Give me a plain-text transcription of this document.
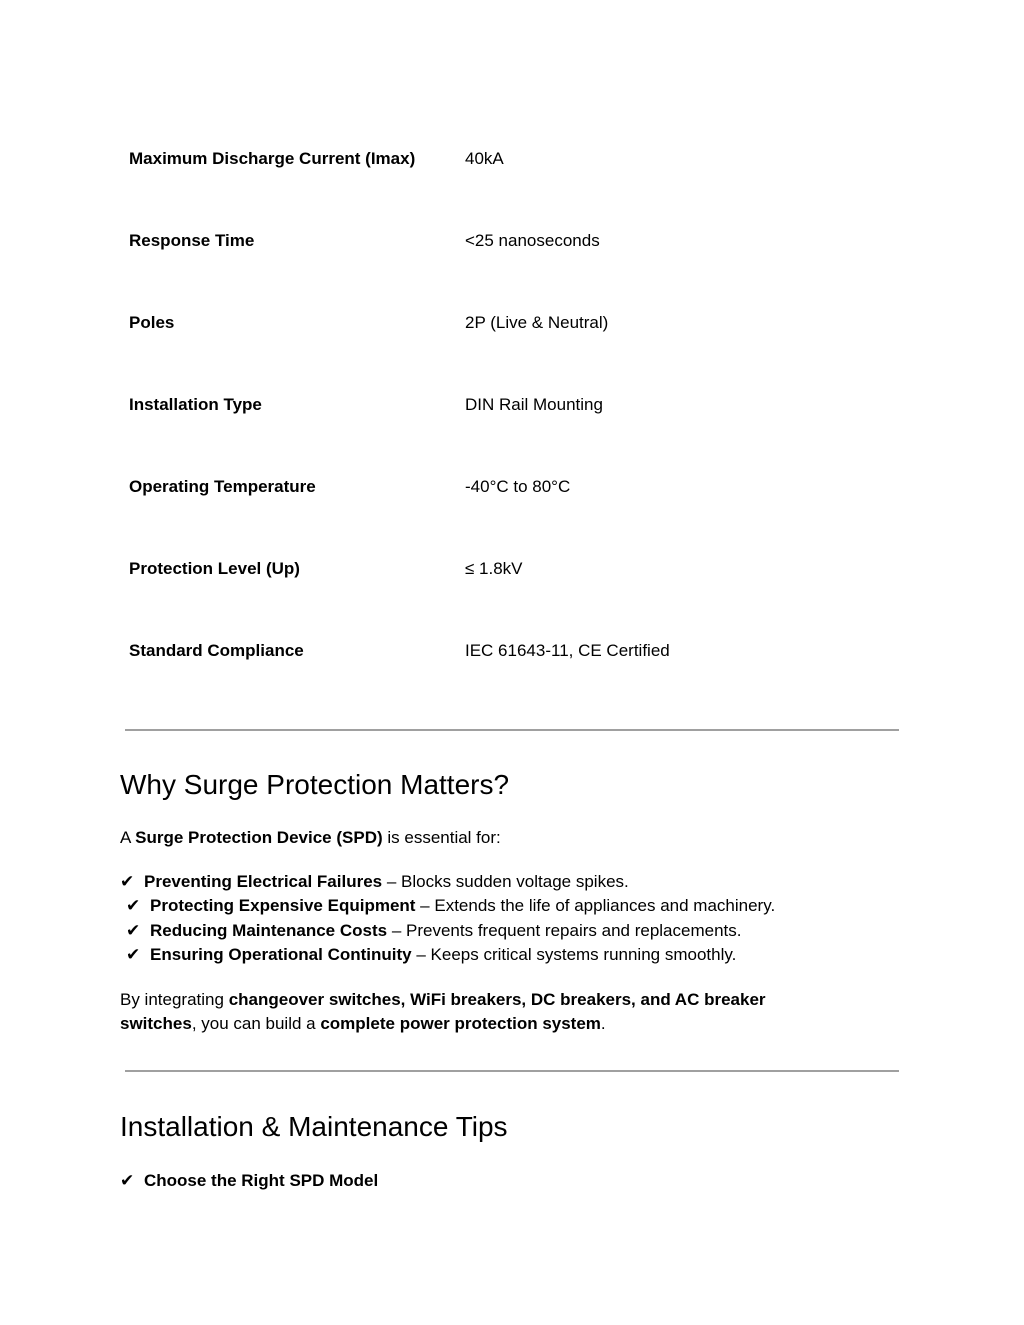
Maximum Discharge Current (Imax)	40kA
Response Time	<25 nanoseconds
Poles	2P (Live & Neutral)
Installation Type	DIN Rail Mounting
Operating Temperature	-40°C to 80°C
Protection Level (Up)	≤ 1.8kV
Standard Compliance	IEC 61643-11, CE Certified
Why Surge Protection Matters?
A Surge Protection Device (SPD) is essential for:
✔ Preventing Electrical Failures – Blocks sudden voltage spikes.
✔ Protecting Expensive Equipment – Extends the life of appliances and machinery.
✔ Reducing Maintenance Costs – Prevents frequent repairs and replacements.
✔ Ensuring Operational Continuity – Keeps critical systems running smoothly.
By integrating changeover switches, WiFi breakers, DC breakers, and AC breaker
switches, you can build a complete power protection system.
Installation & Maintenance Tips
✔ Choose the Right SPD Model
